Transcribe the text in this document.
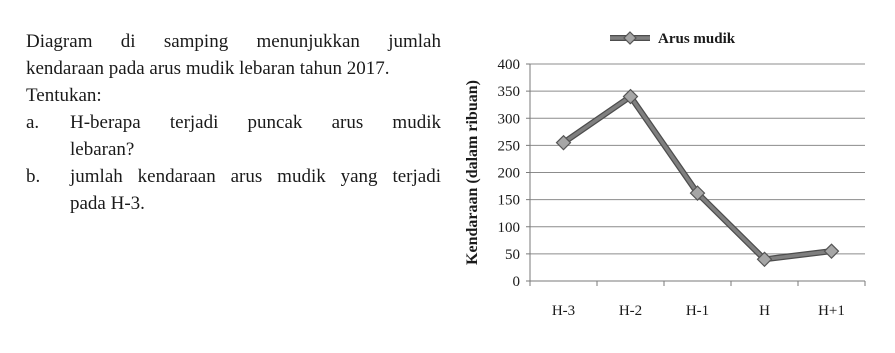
Diagram di samping menunjukkan jumlah

kendaraan pada arus mudik lebaran tahun 2017.

Tentukan:

a.	H-berapa terjadi puncak arus mudik

lebaran?

b.	jumlah kendaraan arus mudik yang terjadi

pada H-3.

0
50
100
150
200
250
300
350
400
H-3	H-2	H-1	H	H+1
Kendaraan (dalam ribuan)
Arus mudik
